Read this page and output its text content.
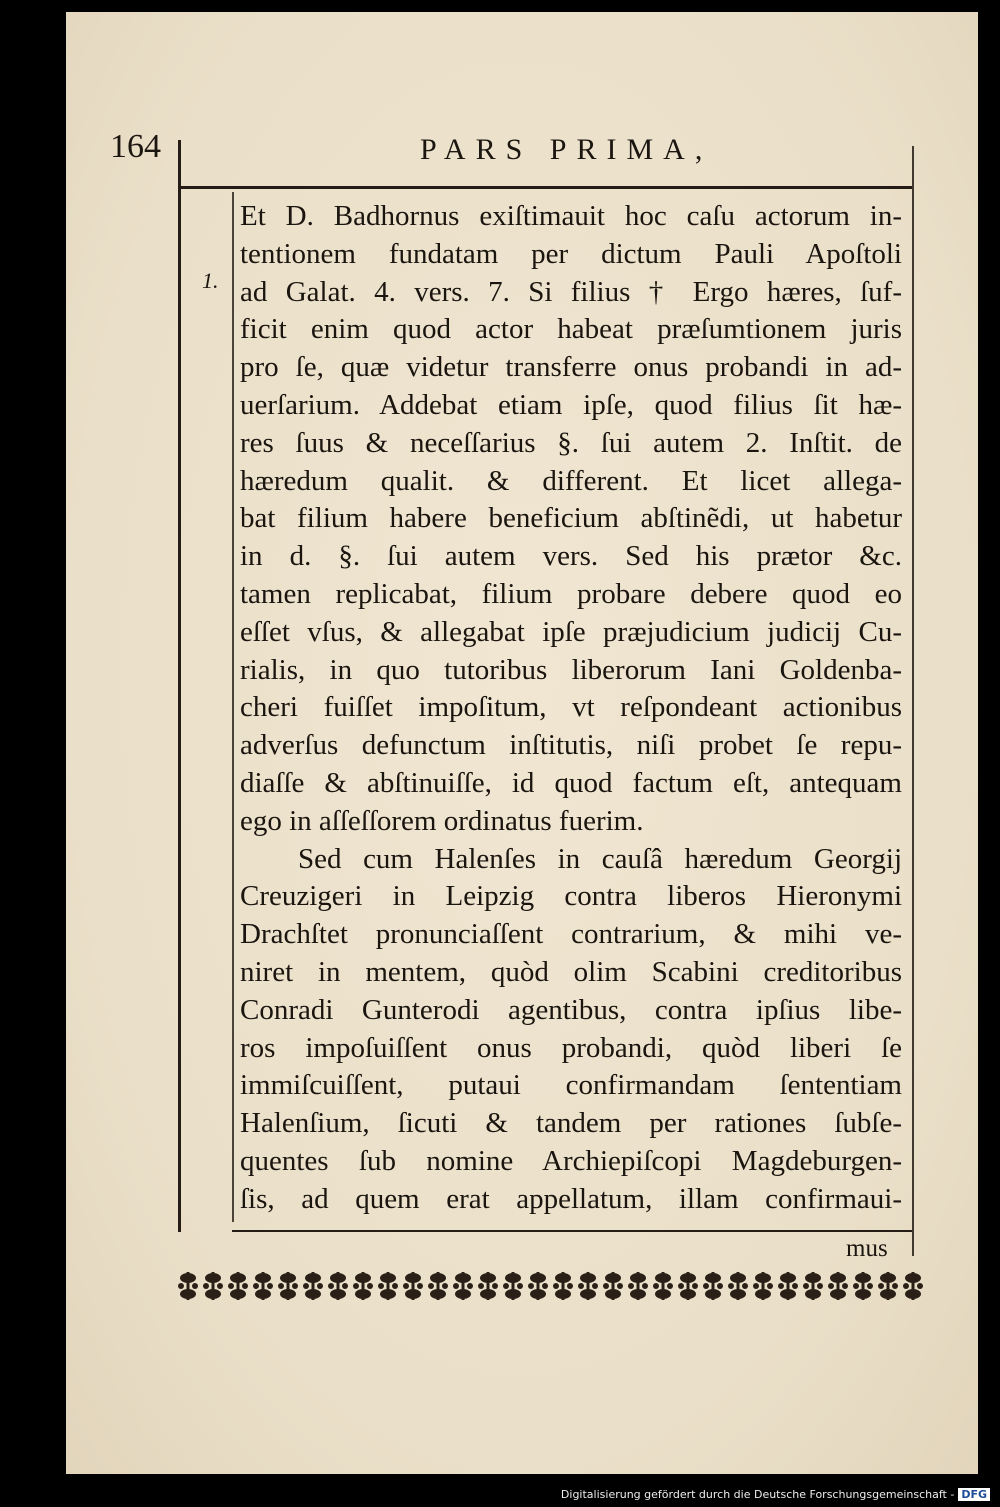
164	PARS PRIMA,
1.
Et D. Badhornus exiſtimauit hoc caſu actorum in-
tentionem fundatam per dictum Pauli Apoſtoli
ad Galat. 4. vers. 7. Si filius † Ergo hæres, ſuf-
ficit enim quod actor habeat præſumtionem juris
pro ſe, quæ videtur transferre onus probandi in ad-
uerſarium. Addebat etiam ipſe, quod filius ſit hæ-
res ſuus & neceſſarius §. ſui autem 2. Inſtit. de
hæredum qualit. & different. Et licet allega-
bat filium habere beneficium abſtinẽdi, ut habetur
in d. §. ſui autem vers. Sed his prætor &c.
tamen replicabat, filium probare debere quod eo
eſſet vſus, & allegabat ipſe præjudicium judicij Cu-
rialis, in quo tutoribus liberorum Iani Goldenba-
cheri fuiſſet impoſitum, vt reſpondeant actionibus
adverſus defunctum inſtitutis, niſi probet ſe repu-
diaſſe & abſtinuiſſe, id quod factum eſt, antequam
ego in aſſeſſorem ordinatus fuerim.
Sed cum Halenſes in cauſâ hæredum Georgij
Creuzigeri in Leipzig contra liberos Hieronymi
Drachſtet pronunciaſſent contrarium, & mihi ve-
niret in mentem, quòd olim Scabini creditoribus
Conradi Gunterodi agentibus, contra ipſius libe-
ros impoſuiſſent onus probandi, quòd liberi ſe
immiſcuiſſent, putaui confirmandam ſententiam
Halenſium, ſicuti & tandem per rationes ſubſe-
quentes ſub nomine Archiepiſcopi Magdeburgen-
ſis, ad quem erat appellatum, illam confirmaui-
mus
Digitalisierung gefördert durch die Deutsche Forschungsgemeinschaft - DFG
